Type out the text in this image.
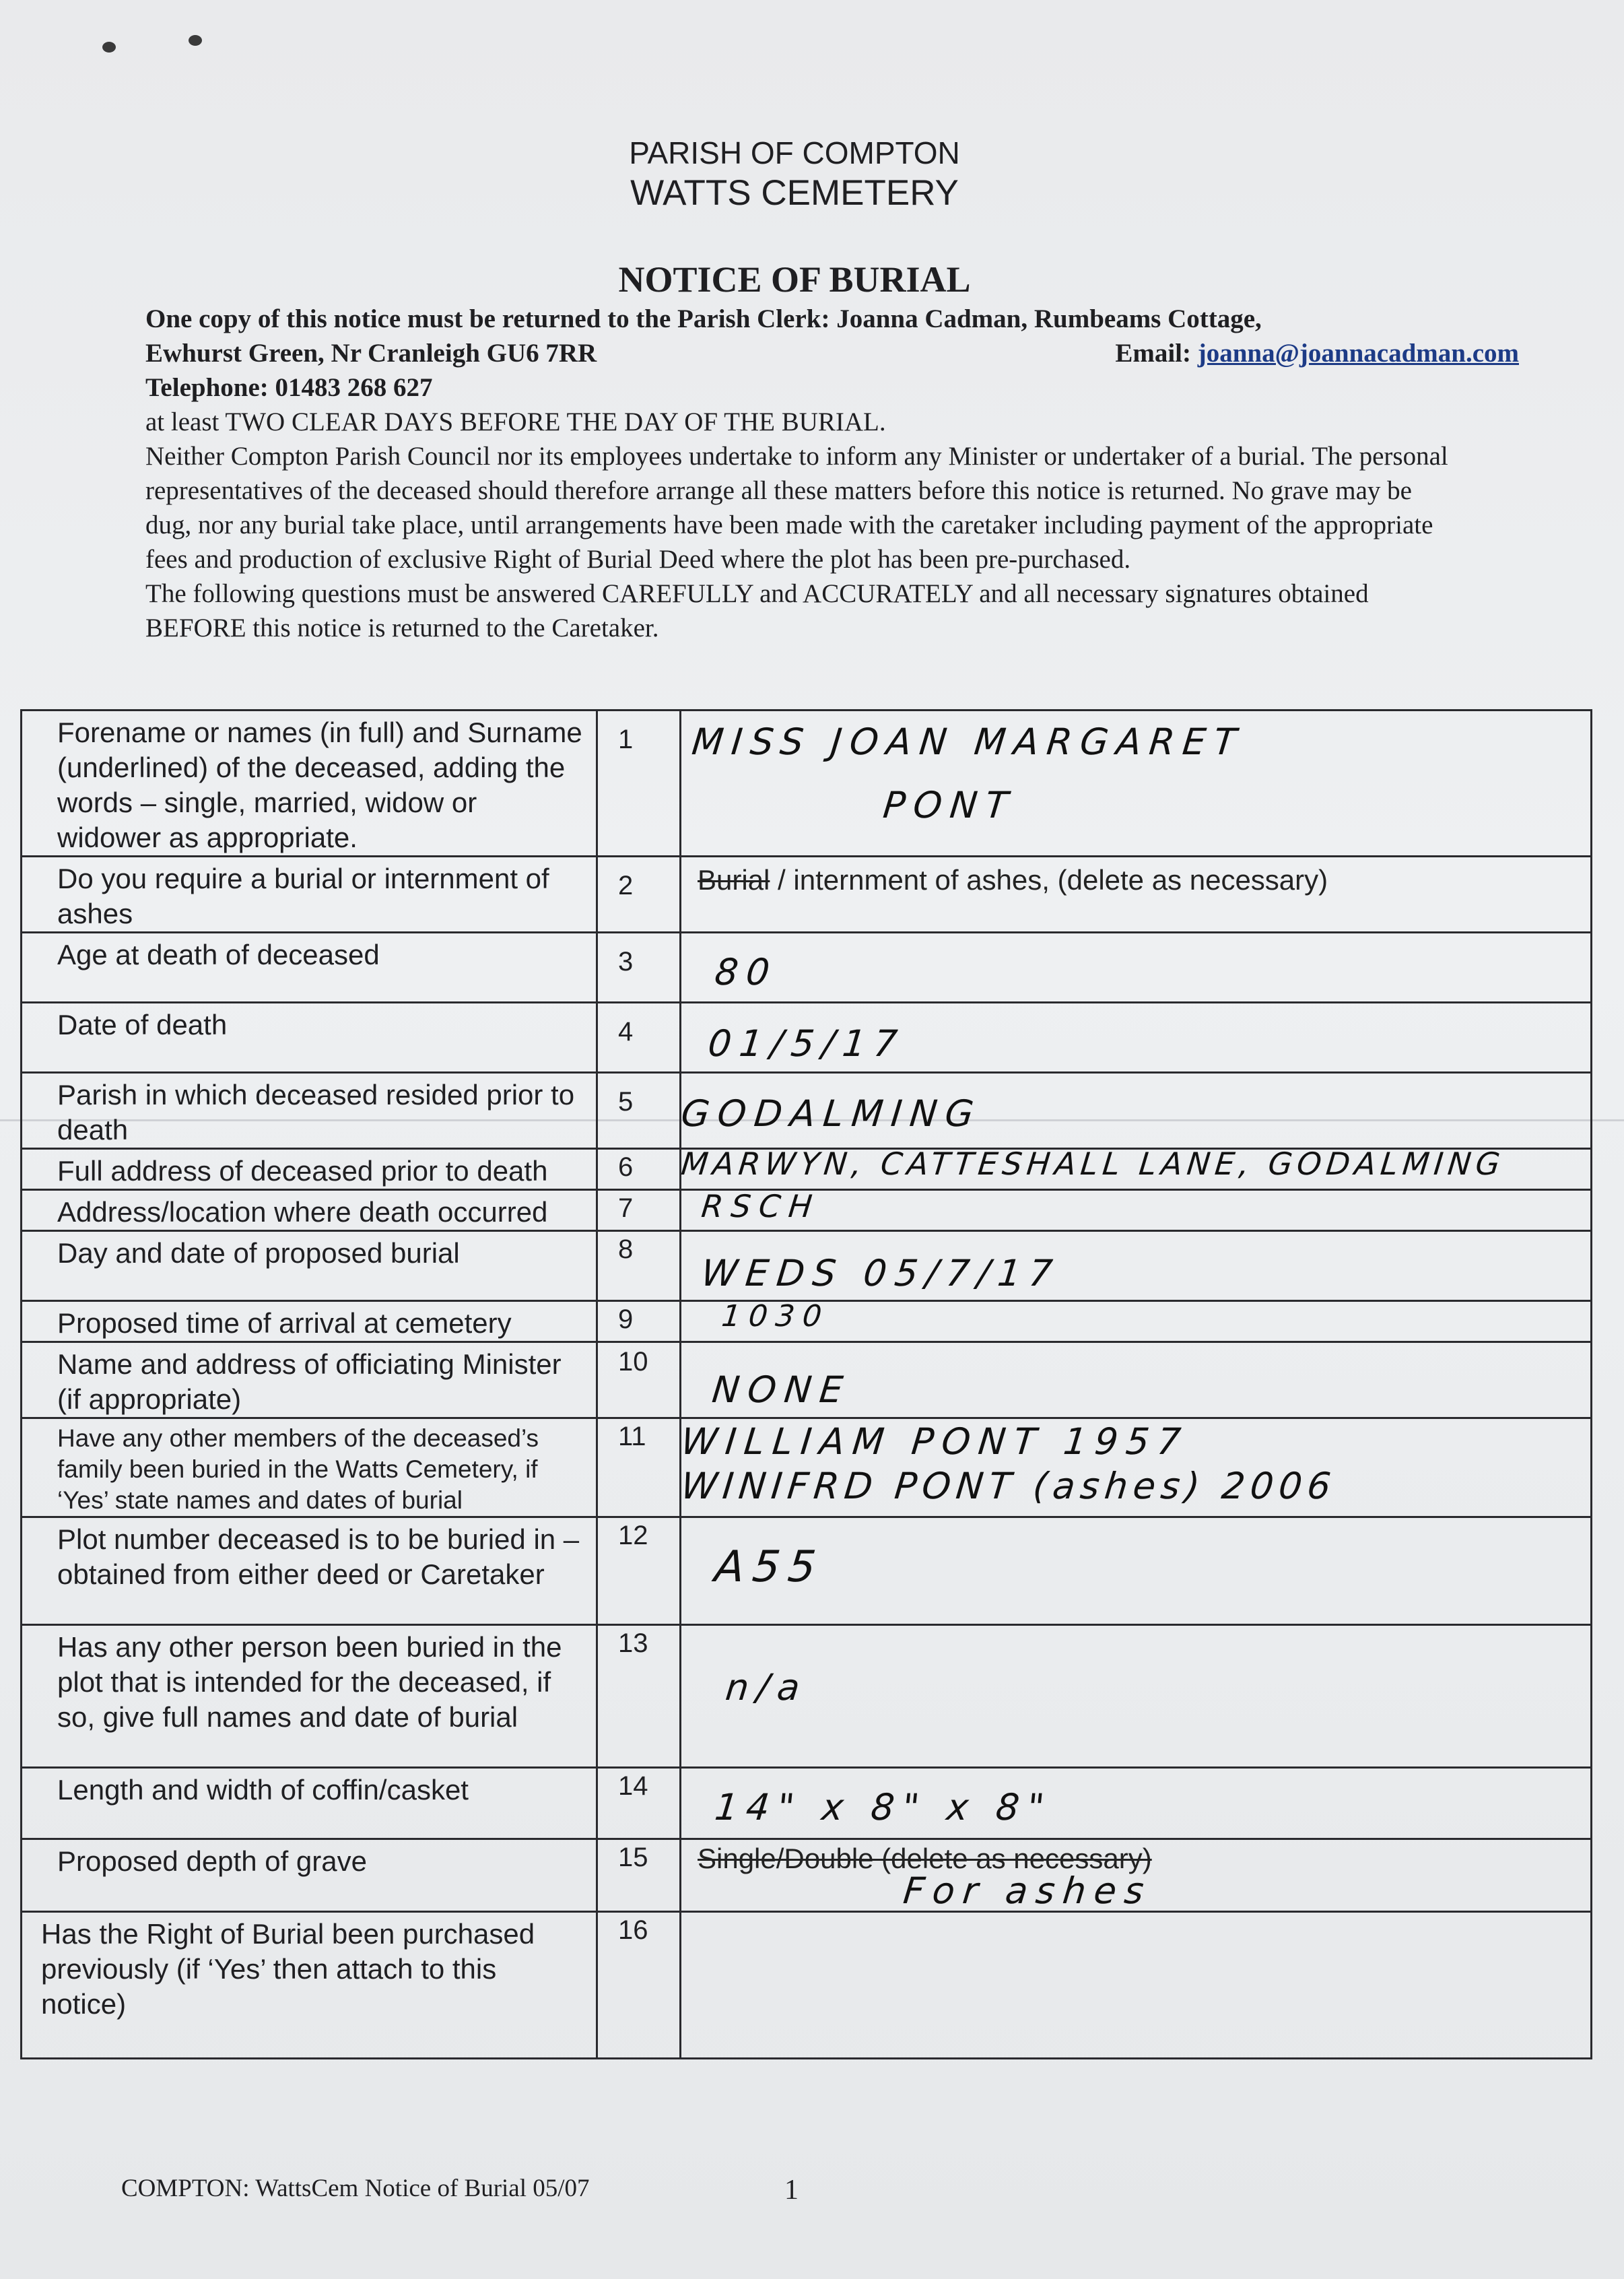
PARISH OF COMPTON
WATTS CEMETERY
NOTICE OF BURIAL
One copy of this notice must be returned to the Parish Clerk: Joanna Cadman, Rumbeams Cottage,
Ewhurst Green, Nr Cranleigh GU6 7RR	Email: joanna@joannacadman.com
Telephone: 01483 268 627
at least TWO CLEAR DAYS BEFORE THE DAY OF THE BURIAL.
Neither Compton Parish Council nor its employees undertake to inform any Minister or undertaker of a burial. The personal representatives of the deceased should therefore arrange all these matters before this notice is returned. No grave may be dug, nor any burial take place, until arrangements have been made with the caretaker including payment of the appropriate fees and production of exclusive Right of Burial Deed where the plot has been pre-purchased.
The following questions must be answered CAREFULLY and ACCURATELY and all necessary signatures obtained BEFORE this notice is returned to the Caretaker.
Forename or names (in full) and Surname (underlined) of the deceased, adding the words – single, married, widow or widower as appropriate.	1	MISS JOAN MARGARET
PONT

Do you require a burial or internment of ashes	2	Burial / internment of ashes, (delete as necessary)

Age at death of deceased	3	80

Date of death	4	01/5/17

Parish in which deceased resided prior to death	5	GODALMING

Full address of deceased prior to death	6	MARWYN, CATTESHALL LANE, GODALMING

Address/location where death occurred	7	RSCH

Day and date of proposed burial	8	WEDS 05/7/17

Proposed time of arrival at cemetery	9	1030

Name and address of officiating Minister (if appropriate)	10	NONE

Have any other members of the deceased’s family been buried in the Watts Cemetery, if ‘Yes’ state names and dates of burial	11	WILLIAM PONT 1957
WINIFRD PONT (ashes) 2006

Plot number deceased is to be buried in – obtained from either deed or Caretaker	12	A55

Has any other person been buried in the plot that is intended for the deceased, if so, give full names and date of burial	13	n/a

Length and width of coffin/casket	14	14" x 8" x 8"

Proposed depth of grave	15	Single/Double (delete as necessary)
For ashes

Has the Right of Burial been purchased previously (if ‘Yes’ then attach to this notice)	16	
COMPTON: WattsCem Notice of Burial 05/07	1
